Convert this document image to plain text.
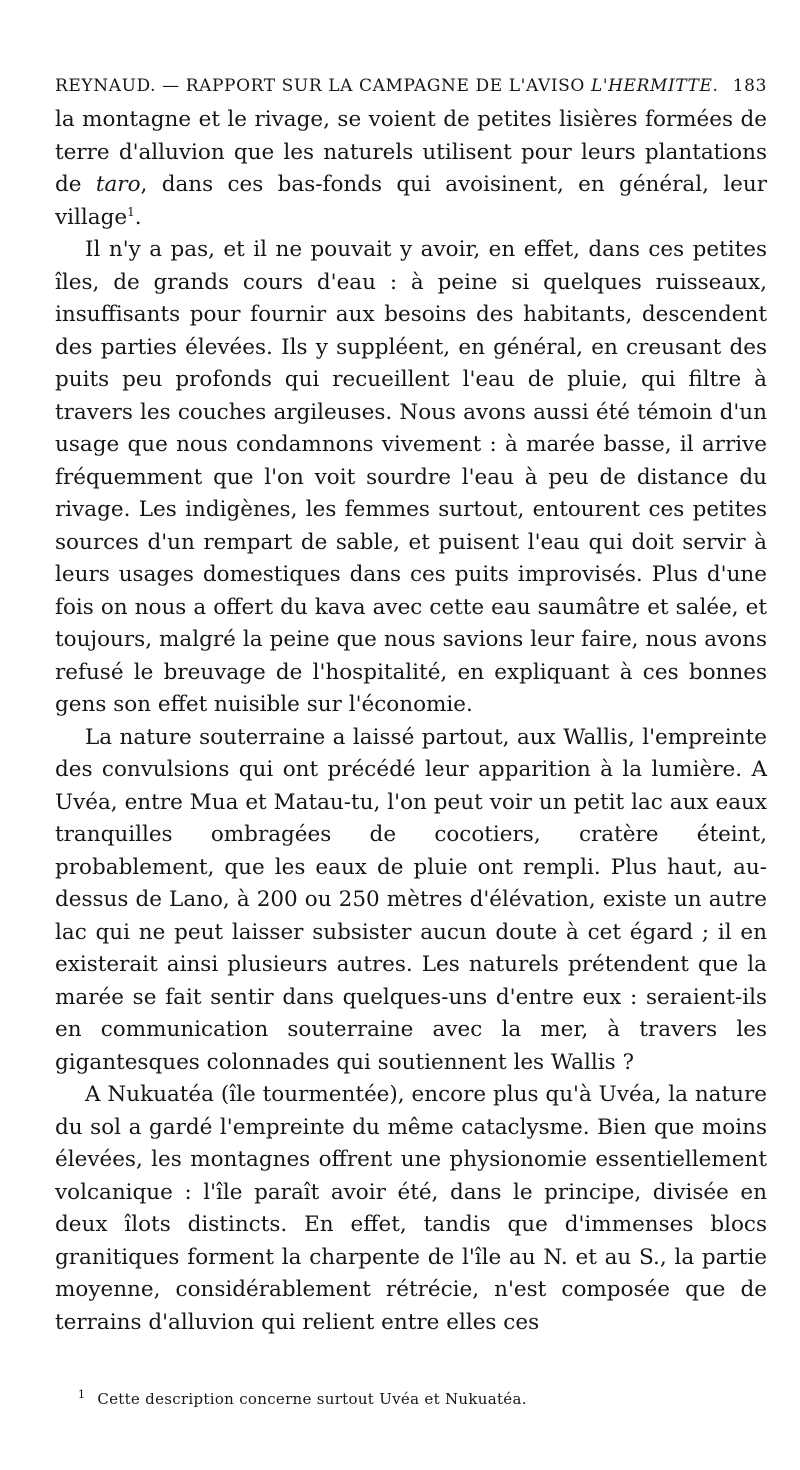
REYNAUD. — RAPPORT SUR LA CAMPAGNE DE L'AVISO L'HERMITTE. 183

la montagne et le rivage, se voient de petites lisières formées de terre d'alluvion que les naturels utilisent pour leurs plantations de taro, dans ces bas-fonds qui avoisinent, en général, leur village$^1$.

Il n'y a pas, et il ne pouvait y avoir, en effet, dans ces petites îles, de grands cours d'eau : à peine si quelques ruisseaux, insuffisants pour fournir aux besoins des habitants, descendent des parties élevées. Ils y suppléent, en général, en creusant des puits peu profonds qui recueillent l'eau de pluie, qui filtre à travers les couches argileuses. Nous avons aussi été témoin d'un usage que nous condamnons vivement : à marée basse, il arrive fréquemment que l'on voit sourdre l'eau à peu de distance du rivage. Les indigènes, les femmes surtout, entourent ces petites sources d'un rempart de sable, et puisent l'eau qui doit servir à leurs usages domestiques dans ces puits improvisés. Plus d'une fois on nous a offert du kava avec cette eau saumâtre et salée, et toujours, malgré la peine que nous savions leur faire, nous avons refusé le breuvage de l'hospitalité, en expliquant à ces bonnes gens son effet nuisible sur l'économie.

La nature souterraine a laissé partout, aux Wallis, l'empreinte des convulsions qui ont précédé leur apparition à la lumière. A Uvéa, entre Mua et Matau-tu, l'on peut voir un petit lac aux eaux tranquilles ombragées de cocotiers, cratère éteint, probablement, que les eaux de pluie ont rempli. Plus haut, au-dessus de Lano, à 200 ou 250 mètres d'élévation, existe un autre lac qui ne peut laisser subsister aucun doute à cet égard ; il en existerait ainsi plusieurs autres. Les naturels prétendent que la marée se fait sentir dans quelques-uns d'entre eux : seraient-ils en communication souterraine avec la mer, à travers les gigantesques colonnades qui soutiennent les Wallis ?

A Nukuatéa (île tourmentée), encore plus qu'à Uvéa, la nature du sol a gardé l'empreinte du même cataclysme. Bien que moins élevées, les montagnes offrent une physionomie essentiellement volcanique : l'île paraît avoir été, dans le principe, divisée en deux îlots distincts. En effet, tandis que d'immenses blocs granitiques forment la charpente de l'île au N. et au S., la partie moyenne, considérablement rétrécie, n'est composée que de terrains d'alluvion qui relient entre elles ces

$^1$ Cette description concerne surtout Uvéa et Nukuatéa.
